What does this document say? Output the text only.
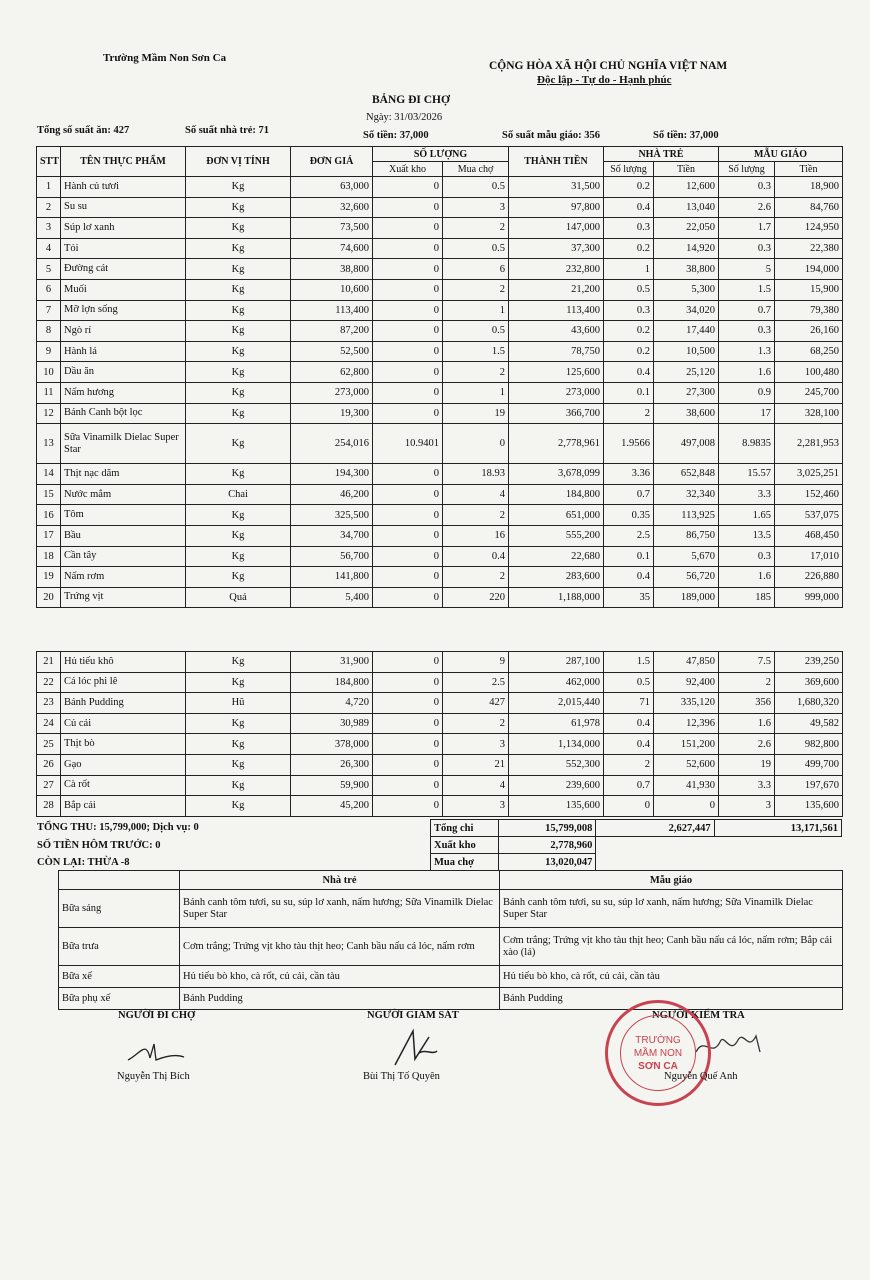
Trường Mầm Non Sơn Ca
CỘNG HÒA XÃ HỘI CHỦ NGHĨA VIỆT NAM
Độc lập - Tự do - Hạnh phúc
BẢNG ĐI CHỢ
Ngày: 31/03/2026
Tổng số suất ăn: 427	Số suất nhà trẻ: 71	Số tiền: 37,000	Số suất mẫu giáo: 356	Số tiền: 37,000
STT	TÊN THỰC PHẨM	ĐƠN VỊ TÍNH	ĐƠN GIÁ	SỐ LƯỢNG		THÀNH TIỀN	NHÀ TRẺ		MẪU GIÁO	
				Xuất kho	Mua chợ		Số lượng	Tiền	Số lượng	Tiền
1	Hành củ tươi	Kg	63,000	0	0.5	31,500	0.2	12,600	0.3	18,900
2	Su su	Kg	32,600	0	3	97,800	0.4	13,040	2.6	84,760
3	Súp lơ xanh	Kg	73,500	0	2	147,000	0.3	22,050	1.7	124,950
4	Tỏi	Kg	74,600	0	0.5	37,300	0.2	14,920	0.3	22,380
5	Đường cát	Kg	38,800	0	6	232,800	1	38,800	5	194,000
6	Muối	Kg	10,600	0	2	21,200	0.5	5,300	1.5	15,900
7	Mỡ lợn sống	Kg	113,400	0	1	113,400	0.3	34,020	0.7	79,380
8	Ngò rí	Kg	87,200	0	0.5	43,600	0.2	17,440	0.3	26,160
9	Hành lá	Kg	52,500	0	1.5	78,750	0.2	10,500	1.3	68,250
10	Dầu ăn	Kg	62,800	0	2	125,600	0.4	25,120	1.6	100,480
11	Nấm hương	Kg	273,000	0	1	273,000	0.1	27,300	0.9	245,700
12	Bánh Canh bột lọc	Kg	19,300	0	19	366,700	2	38,600	17	328,100
13	Sữa Vinamilk Dielac Super Star	Kg	254,016	10.9401	0	2,778,961	1.9566	497,008	8.9835	2,281,953
14	Thịt nạc dăm	Kg	194,300	0	18.93	3,678,099	3.36	652,848	15.57	3,025,251
15	Nước mắm	Chai	46,200	0	4	184,800	0.7	32,340	3.3	152,460
16	Tôm	Kg	325,500	0	2	651,000	0.35	113,925	1.65	537,075
17	Bầu	Kg	34,700	0	16	555,200	2.5	86,750	13.5	468,450
18	Cần tây	Kg	56,700	0	0.4	22,680	0.1	5,670	0.3	17,010
19	Nấm rơm	Kg	141,800	0	2	283,600	0.4	56,720	1.6	226,880
20	Trứng vịt	Quả	5,400	0	220	1,188,000	35	189,000	185	999,000
21	Hủ tiếu khô	Kg	31,900	0	9	287,100	1.5	47,850	7.5	239,250
22	Cá lóc phi lê	Kg	184,800	0	2.5	462,000	0.5	92,400	2	369,600
23	Bánh Pudding	Hũ	4,720	0	427	2,015,440	71	335,120	356	1,680,320
24	Củ cải	Kg	30,989	0	2	61,978	0.4	12,396	1.6	49,582
25	Thịt bò	Kg	378,000	0	3	1,134,000	0.4	151,200	2.6	982,800
26	Gạo	Kg	26,300	0	21	552,300	2	52,600	19	499,700
27	Cà rốt	Kg	59,900	0	4	239,600	0.7	41,930	3.3	197,670
28	Bắp cải	Kg	45,200	0	3	135,600	0	0	3	135,600
TỔNG THU: 15,799,000; Dịch vụ: 0
SỐ TIỀN HÔM TRƯỚC: 0
CÒN LẠI: THỪA -8
Tổng chi	15,799,008		2,627,447		13,171,561
Xuất kho	2,778,960				
Mua chợ	13,020,047				
	Nhà trẻ	Mẫu giáo
Bữa sáng	Bánh canh tôm tươi, su su, súp lơ xanh, nấm hương; Sữa Vinamilk Dielac Super Star	Bánh canh tôm tươi, su su, súp lơ xanh, nấm hương; Sữa Vinamilk Dielac Super Star
Bữa trưa	Cơm trắng; Trứng vịt kho tàu thịt heo; Canh bầu nấu cá lóc, nấm rơm	Cơm trắng; Trứng vịt kho tàu thịt heo; Canh bầu nấu cá lóc, nấm rơm; Bắp cải xào (lá)
Bữa xế	Hủ tiếu bò kho, cà rốt, củ cải, cần tàu	Hủ tiếu bò kho, cà rốt, củ cải, cần tàu
Bữa phụ xế	Bánh Pudding	Bánh Pudding
NGƯỜI ĐI CHỢ	NGƯỜI GIÁM SÁT	NGƯỜI KIỂM TRA
TRƯỜNG
MẦM NON
SƠN CA
Nguyễn Thị Bích	Bùi Thị Tố Quyên	Nguyễn Quế Anh
